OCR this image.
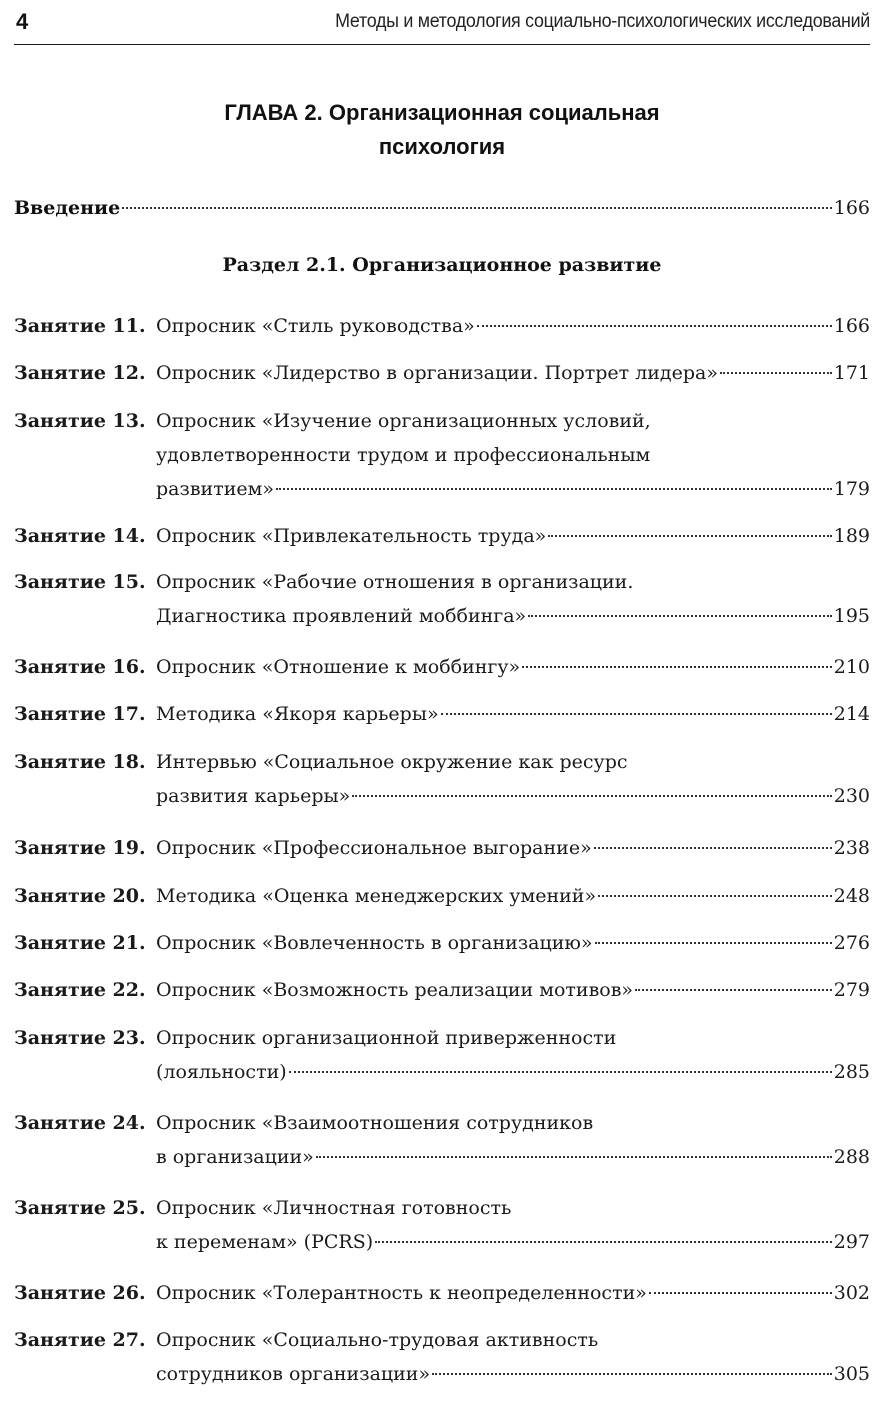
4	Методы и методология социально-психологических исследований
ГЛАВА 2. Организационная социальная
психология
Введение	166
Раздел 2.1. Организационное развитие
Занятие 11. Опросник «Стиль руководства»	166
Занятие 12. Опросник «Лидерство в организации. Портрет лидера»	171
Занятие 13. Опросник «Изучение организационных условий,
удовлетворенности трудом и профессиональным
развитием»	179
Занятие 14. Опросник «Привлекательность труда»	189
Занятие 15. Опросник «Рабочие отношения в организации.
Диагностика проявлений моббинга»	195
Занятие 16. Опросник «Отношение к моббингу»	210
Занятие 17. Методика «Якоря карьеры»	214
Занятие 18. Интервью «Социальное окружение как ресурс
развития карьеры»	230
Занятие 19. Опросник «Профессиональное выгорание»	238
Занятие 20. Методика «Оценка менеджерских умений»	248
Занятие 21. Опросник «Вовлеченность в организацию»	276
Занятие 22. Опросник «Возможность реализации мотивов»	279
Занятие 23. Опросник организационной приверженности
(лояльности)	285
Занятие 24. Опросник «Взаимоотношения сотрудников
в организации»	288
Занятие 25. Опросник «Личностная готовность
к переменам» (PCRS)	297
Занятие 26. Опросник «Толерантность к неопределенности»	302
Занятие 27. Опросник «Социально-трудовая активность
сотрудников организации»	305
